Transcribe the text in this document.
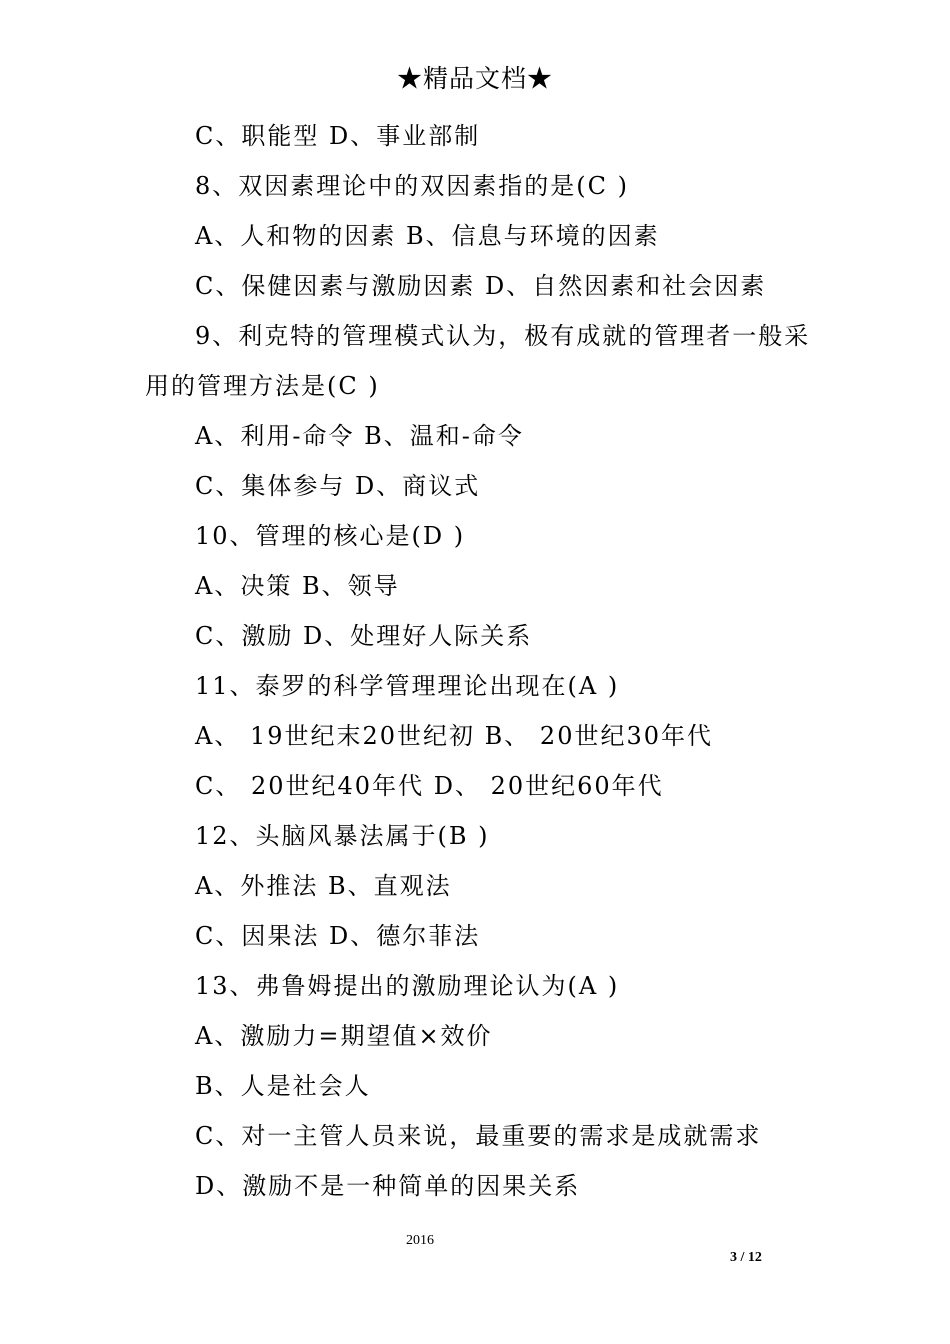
★精品文档★
C、职能型 D、事业部制
8、双因素理论中的双因素指的是(C )
A、人和物的因素 B、信息与环境的因素
C、保健因素与激励因素 D、自然因素和社会因素
9、利克特的管理模式认为，极有成就的管理者一般采
用的管理方法是(C )
A、利用-命令 B、温和-命令
C、集体参与 D、商议式
10、管理的核心是(D )
A、决策 B、领导
C、激励 D、处理好人际关系
11、泰罗的科学管理理论出现在(A )
A、 19世纪末20世纪初 B、 20世纪30年代
C、 20世纪40年代 D、 20世纪60年代
12、头脑风暴法属于(B )
A、外推法 B、直观法
C、因果法 D、德尔菲法
13、弗鲁姆提出的激励理论认为(A )
A、激励力=期望值×效价
B、人是社会人
C、对一主管人员来说，最重要的需求是成就需求
D、激励不是一种简单的因果关系
2016
3 / 12
